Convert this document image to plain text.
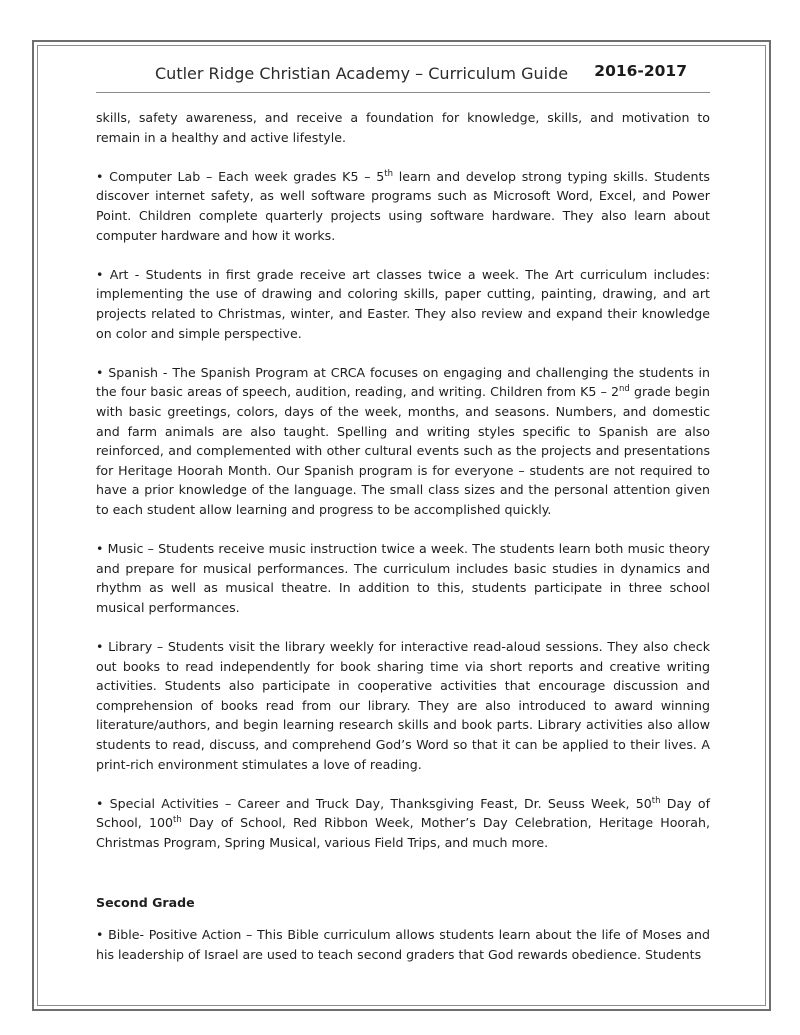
Cutler Ridge Christian Academy – Curriculum Guide 2016-2017

skills, safety awareness, and receive a foundation for knowledge, skills, and motivation to remain in a healthy and active lifestyle.

• Computer Lab – Each week grades K5 – 5th learn and develop strong typing skills. Students discover internet safety, as well software programs such as Microsoft Word, Excel, and Power Point. Children complete quarterly projects using software hardware. They also learn about computer hardware and how it works.

• Art - Students in first grade receive art classes twice a week. The Art curriculum includes: implementing the use of drawing and coloring skills, paper cutting, painting, drawing, and art projects related to Christmas, winter, and Easter. They also review and expand their knowledge on color and simple perspective.

• Spanish - The Spanish Program at CRCA focuses on engaging and challenging the students in the four basic areas of speech, audition, reading, and writing. Children from K5 – 2nd grade begin with basic greetings, colors, days of the week, months, and seasons. Numbers, and domestic and farm animals are also taught. Spelling and writing styles specific to Spanish are also reinforced, and complemented with other cultural events such as the projects and presentations for Heritage Hoorah Month. Our Spanish program is for everyone – students are not required to have a prior knowledge of the language. The small class sizes and the personal attention given to each student allow learning and progress to be accomplished quickly.

• Music – Students receive music instruction twice a week. The students learn both music theory and prepare for musical performances. The curriculum includes basic studies in dynamics and rhythm as well as musical theatre. In addition to this, students participate in three school musical performances.

• Library – Students visit the library weekly for interactive read-aloud sessions. They also check out books to read independently for book sharing time via short reports and creative writing activities. Students also participate in cooperative activities that encourage discussion and comprehension of books read from our library. They are also introduced to award winning literature/authors, and begin learning research skills and book parts. Library activities also allow students to read, discuss, and comprehend God’s Word so that it can be applied to their lives. A print-rich environment stimulates a love of reading.

• Special Activities – Career and Truck Day, Thanksgiving Feast, Dr. Seuss Week, 50th Day of School, 100th Day of School, Red Ribbon Week, Mother’s Day Celebration, Heritage Hoorah, Christmas Program, Spring Musical, various Field Trips, and much more.

Second Grade

• Bible- Positive Action – This Bible curriculum allows students learn about the life of Moses and his leadership of Israel are used to teach second graders that God rewards obedience. Students
